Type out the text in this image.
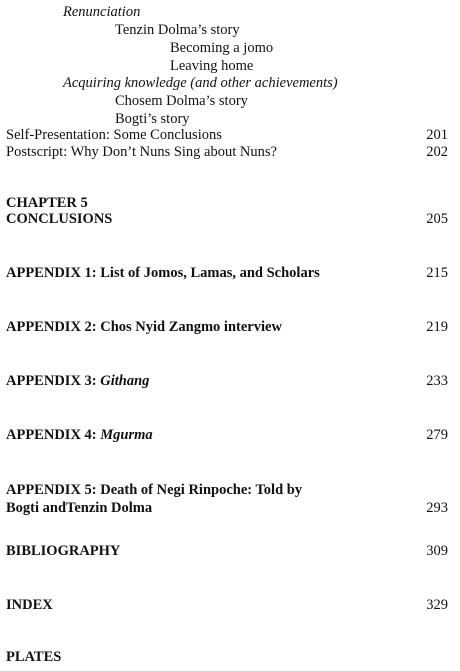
Renunciation
Tenzin Dolma’s story
Becoming a jomo
Leaving home
Acquiring knowledge (and other achievements)
Chosem Dolma’s story
Bogti’s story
Self-Presentation: Some Conclusions	201
Postscript: Why Don’t Nuns Sing about Nuns?	202
CHAPTER 5
CONCLUSIONS	205
APPENDIX 1: List of Jomos, Lamas, and Scholars	215
APPENDIX 2: Chos Nyid Zangmo interview	219
APPENDIX 3: Githang	233
APPENDIX 4: Mgurma	279
APPENDIX 5: Death of Negi Rinpoche: Told by
Bogti andTenzin Dolma	293
BIBLIOGRAPHY	309
INDEX	329
PLATES
